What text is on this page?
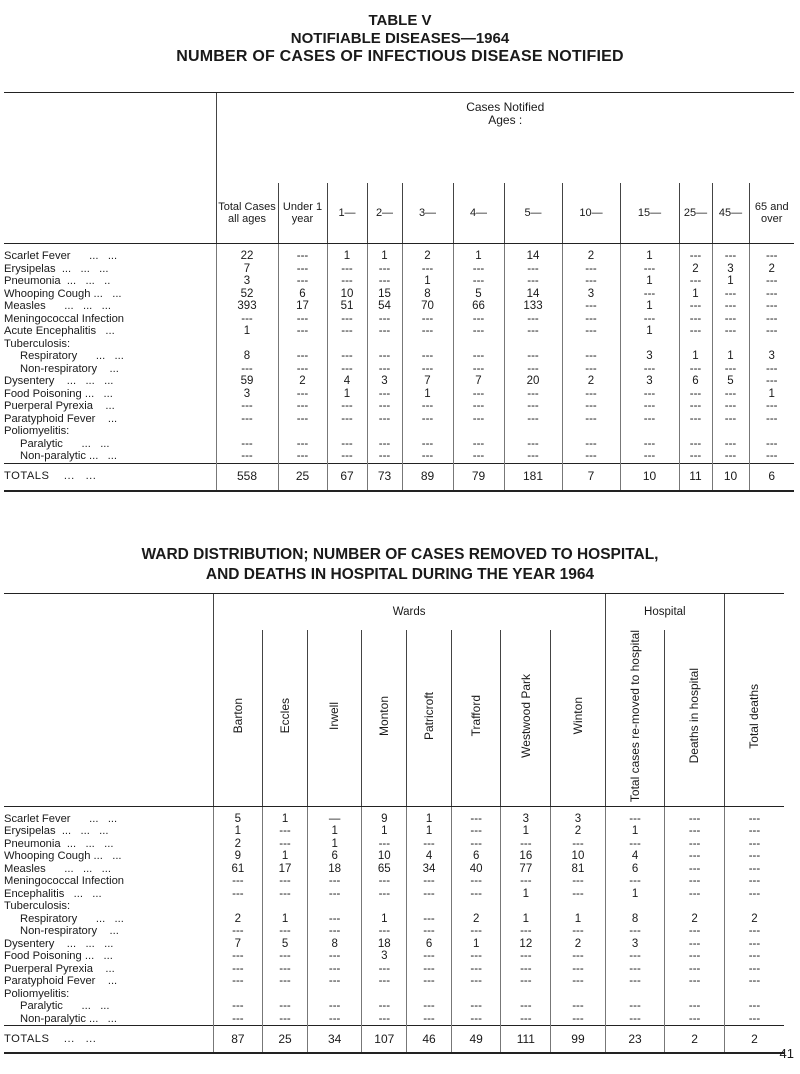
TABLE V
NOTIFIABLE DISEASES—1964
NUMBER OF CASES OF INFECTIOUS DISEASE NOTIFIED
	Cases Notified
Ages :											
	Total Cases all ages	Under 1 year	1—	2—	3—	4—	5—	10—	15—	25—	45—	65 and over
Scarlet Fever      ...   ...	22	---	1	1	2	1	14	2	1	---	---	---
Erysipelas  ...   ...   ...	7	---	---	---	---	---	---	---	---	2	3	2
Pneumonia  ...   ...   ..	3	---	---	---	1	---	---	---	1	---	1	---
Whooping Cough ...   ...	52	6	10	15	8	5	14	3	---	1	---	---
Measles      ...   ...   ...	393	17	51	54	70	66	133	---	1	---	---	---
Meningococcal Infection	---	---	---	---	---	---	---	---	---	---	---	---
Acute Encephalitis   ...	1	---	---	---	---	---	---	---	1	---	---	---
Tuberculosis:												
Respiratory      ...   ...	8	---	---	---	---	---	---	---	3	1	1	3
Non-respiratory    ...	---	---	---	---	---	---	---	---	---	---	---	---
Dysentery    ...   ...   ...	59	2	4	3	7	7	20	2	3	6	5	---
Food Poisoning ...   ...	3	---	1	---	1	---	---	---	---	---	---	1
Puerperal Pyrexia    ...	---	---	---	---	---	---	---	---	---	---	---	---
Paratyphoid Fever    ...	---	---	---	---	---	---	---	---	---	---	---	---
Poliomyelitis:												
Paralytic      ...   ...	---	---	---	---	---	---	---	---	---	---	---	---
Non-paralytic ...   ...	---	---	---	---	---	---	---	---	---	---	---	---
TOTALS    ...   ...	558	25	67	73	89	79	181	7	10	11	10	6
WARD DISTRIBUTION; NUMBER OF CASES REMOVED TO HOSPITAL,
AND DEATHS IN HOSPITAL DURING THE YEAR 1964
	Wards								Hospital		
	Barton	Eccles	Irwell	Monton	Patricroft	Trafford	Westwood Park	Winton	Total cases re-moved to hospital	Deaths in hospital	Total deaths
Scarlet Fever      ...   ...	5	1	—	9	1	---	3	3	---	---	---
Erysipelas  ...   ...   ...	1	---	1	1	1	---	1	2	1	---	---
Pneumonia  ...   ...   ...	2	---	1	---	---	---	---	---	---	---	---
Whooping Cough ...   ...	9	1	6	10	4	6	16	10	4	---	---
Measles      ...   ...   ...	61	17	18	65	34	40	77	81	6	---	---
Meningococcal Infection	---	---	---	---	---	---	---	---	---	---	---
Encephalitis   ...   ...	---	---	---	---	---	---	1	---	1	---	---
Tuberculosis:											
Respiratory      ...   ...	2	1	---	1	---	2	1	1	8	2	2
Non-respiratory    ...	---	---	---	---	---	---	---	---	---	---	---
Dysentery    ...   ...   ...	7	5	8	18	6	1	12	2	3	---	---
Food Poisoning ...   ...	---	---	---	3	---	---	---	---	---	---	---
Puerperal Pyrexia    ...	---	---	---	---	---	---	---	---	---	---	---
Paratyphoid Fever    ...	---	---	---	---	---	---	---	---	---	---	---
Poliomyelitis:											
Paralytic      ...   ...	---	---	---	---	---	---	---	---	---	---	---
Non-paralytic ...   ...	---	---	---	---	---	---	---	---	---	---	---
TOTALS    ...   ...	87	25	34	107	46	49	111	99	23	2	2
41
